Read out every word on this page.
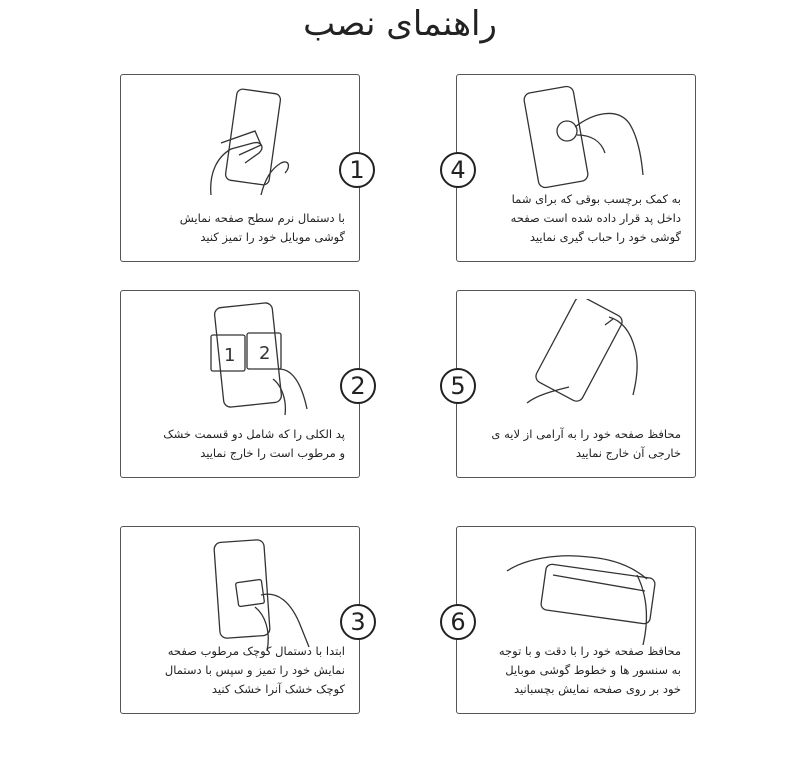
راهنمای نصب
با دستمال نرم سطح صفحه نمایش
گوشی موبایل خود را تمیز کنید
1
1 2
پد الکلی را که شامل دو قسمت خشک
و مرطوب است را خارج نمایید
2
ابتدا با دستمال کوچک مرطوب صفحه
نمایش خود را تمیز و سپس با دستمال
کوچک خشک آنرا خشک کنید
3
به کمک برچسب بوقی که برای شما
داخل پد قرار داده شده است صفحه
گوشی خود را حباب گیری نمایید
4
محافظ صفحه خود را به آرامی از لایه ی
خارجی آن خارج نمایید
5
محافظ صفحه خود را با دقت و با توجه
به سنسور ها و خطوط گوشی موبایل
خود بر روی صفحه نمایش بچسبانید
6
